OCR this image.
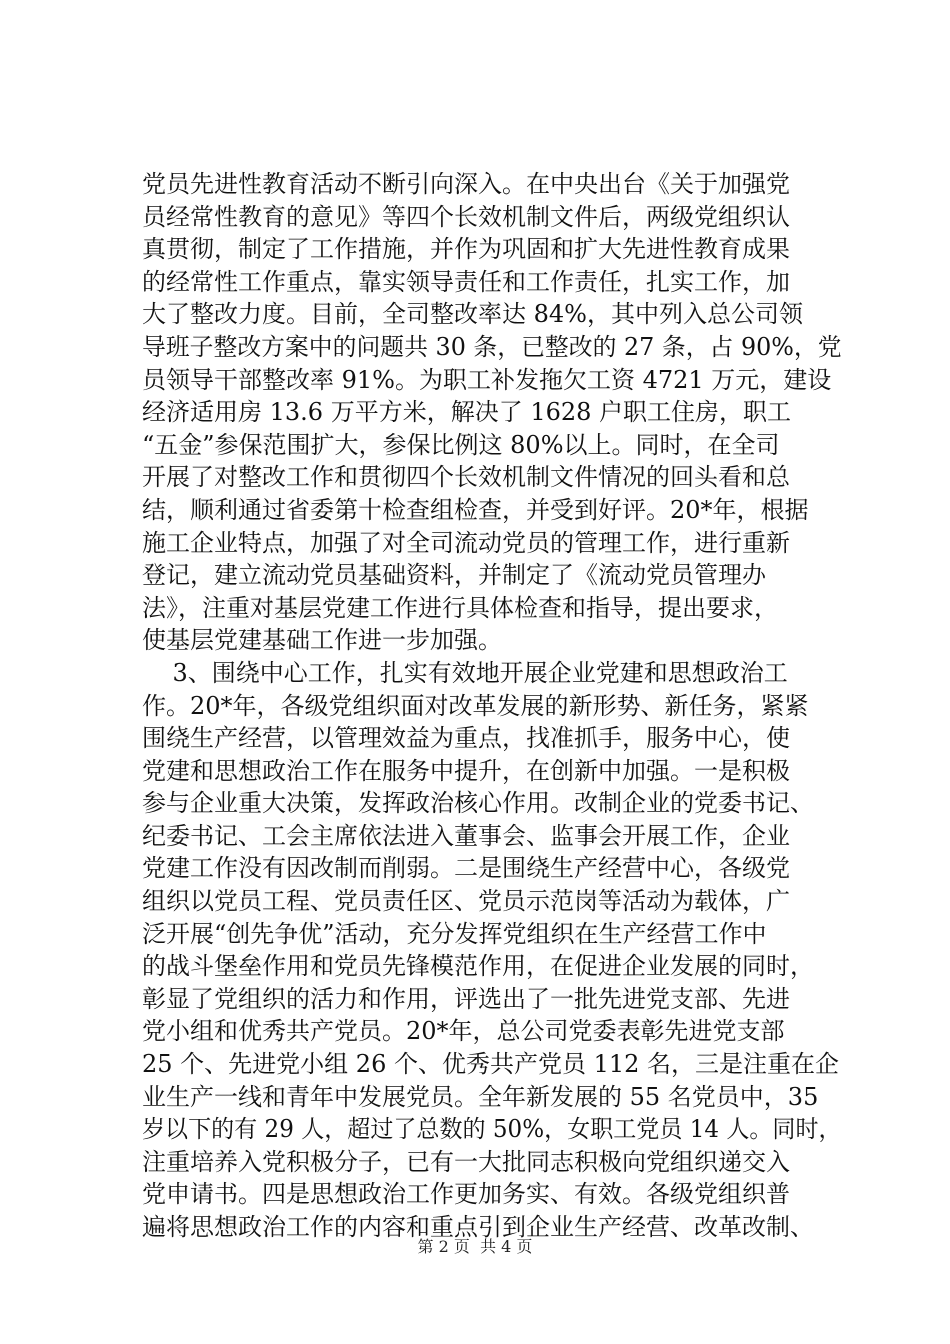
党员先进性教育活动不断引向深入。在中央出台《关于加强党
员经常性教育的意见》等四个长效机制文件后，两级党组织认
真贯彻，制定了工作措施，并作为巩固和扩大先进性教育成果
的经常性工作重点，靠实领导责任和工作责任，扎实工作，加
大了整改力度。目前，全司整改率达 84%，其中列入总公司领
导班子整改方案中的问题共 30 条，已整改的 27 条，占 90%，党
员领导干部整改率 91%。为职工补发拖欠工资 4721 万元，建设
经济适用房 13.6 万平方米，解决了 1628 户职工住房，职工
“五金”参保范围扩大，参保比例这 80%以上。同时，在全司
开展了对整改工作和贯彻四个长效机制文件情况的回头看和总
结，顺利通过省委第十检查组检查，并受到好评。20*年，根据
施工企业特点，加强了对全司流动党员的管理工作，进行重新
登记，建立流动党员基础资料，并制定了《流动党员管理办
法》，注重对基层党建工作进行具体检查和指导，提出要求，
使基层党建基础工作进一步加强。
3、围绕中心工作，扎实有效地开展企业党建和思想政治工
作。20*年，各级党组织面对改革发展的新形势、新任务，紧紧
围绕生产经营，以管理效益为重点，找准抓手，服务中心，使
党建和思想政治工作在服务中提升，在创新中加强。一是积极
参与企业重大决策，发挥政治核心作用。改制企业的党委书记、
纪委书记、工会主席依法进入董事会、监事会开展工作，企业
党建工作没有因改制而削弱。二是围绕生产经营中心，各级党
组织以党员工程、党员责任区、党员示范岗等活动为载体，广
泛开展“创先争优”活动，充分发挥党组织在生产经营工作中
的战斗堡垒作用和党员先锋模范作用，在促进企业发展的同时，
彰显了党组织的活力和作用，评选出了一批先进党支部、先进
党小组和优秀共产党员。20*年，总公司党委表彰先进党支部
25 个、先进党小组 26 个、优秀共产党员 112 名，三是注重在企
业生产一线和青年中发展党员。全年新发展的 55 名党员中，35
岁以下的有 29 人，超过了总数的 50%，女职工党员 14 人。同时，
注重培养入党积极分子，已有一大批同志积极向党组织递交入
党申请书。四是思想政治工作更加务实、有效。各级党组织普
遍将思想政治工作的内容和重点引到企业生产经营、改革改制、
第 2 页  共 4 页
